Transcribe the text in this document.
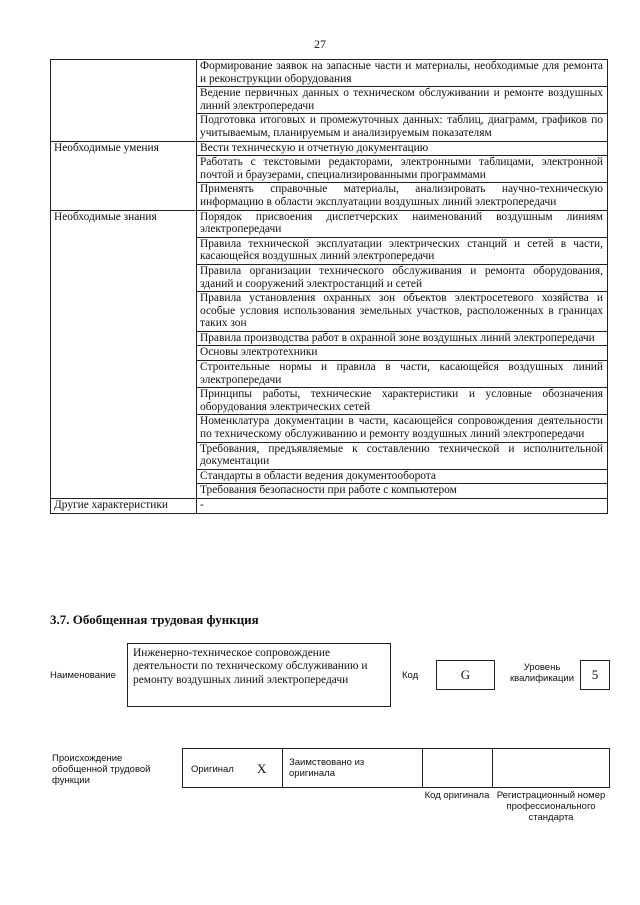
27
	Формирование заявок на запасные части и материалы, необходимые для ремонта и реконструкции оборудования
	Ведение первичных данных о техническом обслуживании и ремонте воздушных линий электропередачи
	Подготовка итоговых и промежуточных данных: таблиц, диаграмм, графиков по учитываемым, планируемым и анализируемым показателям
Необходимые умения	Вести техническую и отчетную документацию
	Работать с текстовыми редакторами, электронными таблицами, электронной почтой и браузерами, специализированными программами
	Применять справочные материалы, анализировать научно-техническую информацию в области эксплуатации воздушных линий электропередачи
Необходимые знания	Порядок присвоения диспетчерских наименований воздушным линиям электропередачи
	Правила технической эксплуатации электрических станций и сетей в части, касающейся воздушных линий электропередачи
	Правила организации технического обслуживания и ремонта оборудования, зданий и сооружений электростанций и сетей
	Правила установления охранных зон объектов электросетевого хозяйства и особые условия использования земельных участков, расположенных в границах таких зон
	Правила производства работ в охранной зоне воздушных линий электропередачи
	Основы электротехники
	Строительные нормы и правила в части, касающейся воздушных линий электропередачи
	Принципы работы, технические характеристики и условные обозначения оборудования электрических сетей
	Номенклатура документации в части, касающейся сопровождения деятельности по техническому обслуживанию и ремонту воздушных линий электропередачи
	Требования, предъявляемые к составлению технической и исполнительной документации
	Стандарты в области ведения документооборота
	Требования безопасности при работе с компьютером
Другие характеристики	-
3.7. Обобщенная трудовая функция
Наименование
Инженерно-техническое сопровождение деятельности по техническому обслуживанию и ремонту воздушных линий электропередачи	Код	G	Уровень квалификации	5
Происхождение обобщенной трудовой функции
Оригинал X Заимствовано из оригинала
Код оригинала Регистрационный номер профессионального стандарта
